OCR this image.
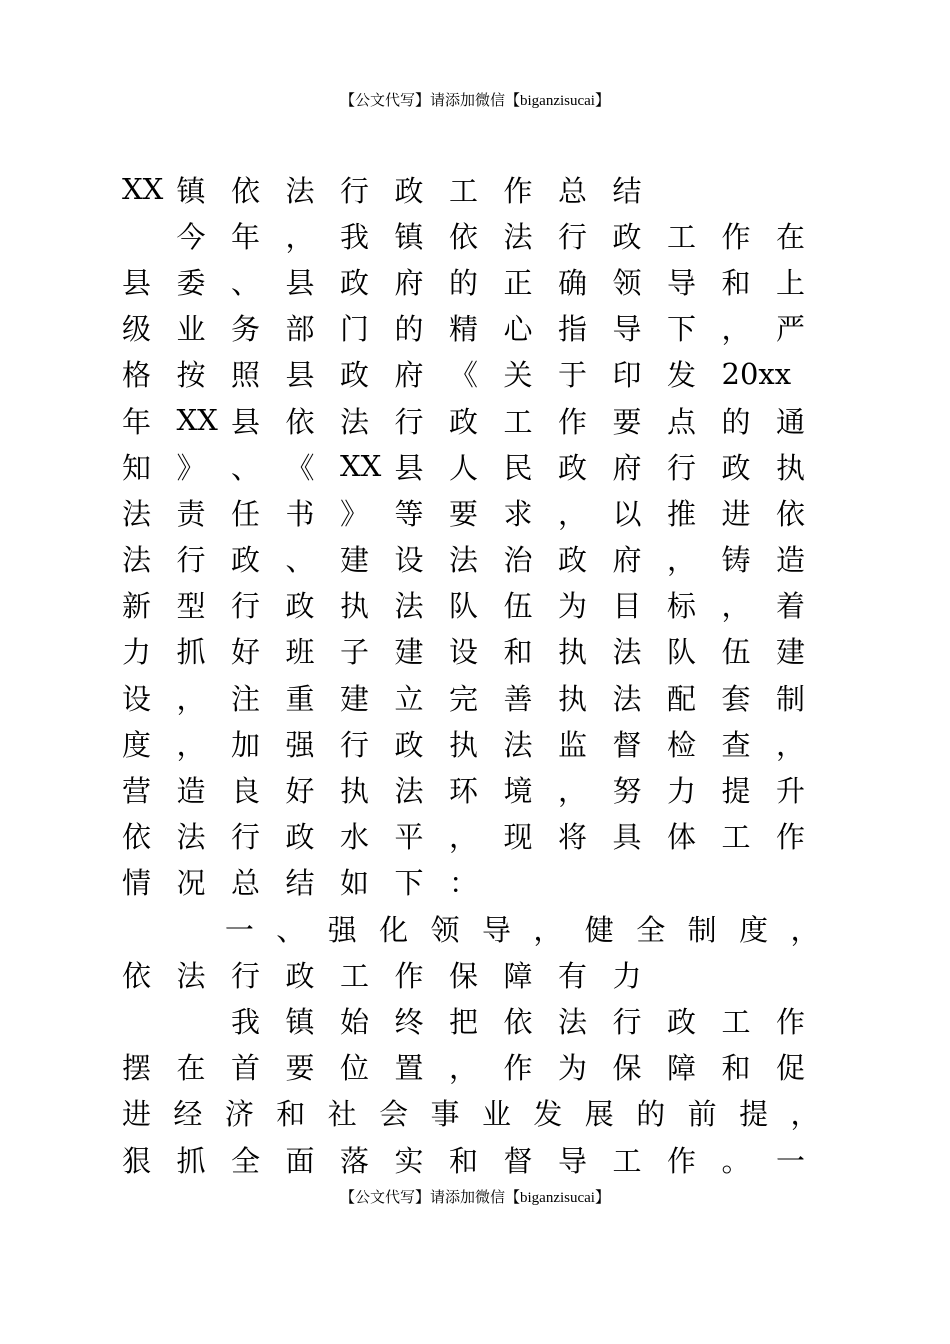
【公文代写】请添加微信【biganzisucai】
XX 镇 依 法 行 政 工 作 总 结
今 年 ， 我 镇 依 法 行 政 工 作 在
县 委 、 县 政 府 的 正 确 领 导 和 上
级 业 务 部 门 的 精 心 指 导 下 ， 严
格 按 照 县 政 府 《 关 于 印 发 20xx
年 XX 县 依 法 行 政 工 作 要 点 的 通
知 》 、 《 XX 县 人 民 政 府 行 政 执
法 责 任 书 》 等 要 求 ， 以 推 进 依
法 行 政 、 建 设 法 治 政 府 ， 铸 造
新 型 行 政 执 法 队 伍 为 目 标 ， 着
力 抓 好 班 子 建 设 和 执 法 队 伍 建
设 ， 注 重 建 立 完 善 执 法 配 套 制
度 ， 加 强 行 政 执 法 监 督 检 查 ，
营 造 良 好 执 法 环 境 ， 努 力 提 升
依 法 行 政 水 平 ， 现 将 具 体 工 作
情 况 总 结 如 下 ：
一 、 强 化 领 导 ， 健 全 制 度 ，
依 法 行 政 工 作 保 障 有 力
我 镇 始 终 把 依 法 行 政 工 作
摆 在 首 要 位 置 ， 作 为 保 障 和 促
进 经 济 和 社 会 事 业 发 展 的 前 提 ，
狠 抓 全 面 落 实 和 督 导 工 作 。 一
【公文代写】请添加微信【biganzisucai】
